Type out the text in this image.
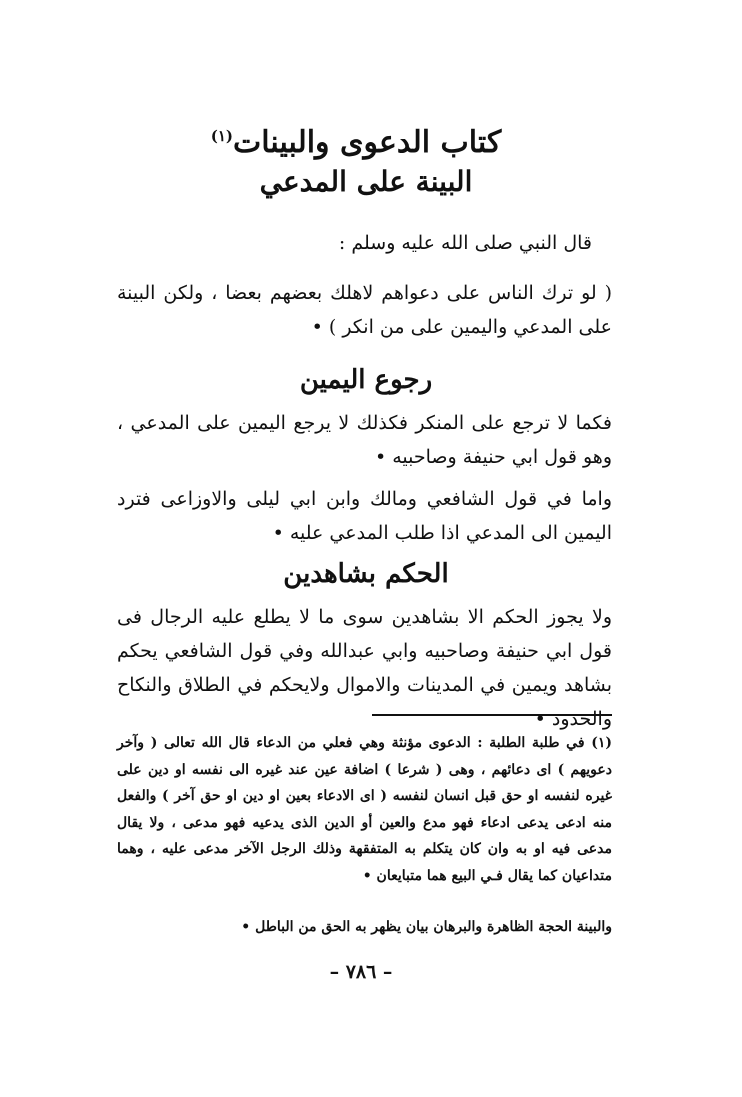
كتاب الدعوى والبينات$^{(١)}$
البينة على المدعي

قال النبي صلى الله عليه وسلم :

( لو ترك الناس على دعواهم لاهلك بعضهم بعضا ، ولكن البينة على المدعي واليمين على من انكر ) •

رجوع اليمين

فكما لا ترجع على المنكر فكذلك لا يرجع اليمين على المدعي ، وهو قول ابي حنيفة وصاحبيه •

واما في قول الشافعي ومالك وابن ابي ليلى والاوزاعى فترد اليمين الى المدعي اذا طلب المدعي عليه •

الحكم بشاهدين

ولا يجوز الحكم الا بشاهدين سوى ما لا يطلع عليه الرجال فى قول ابي حنيفة وصاحبيه وابي عبدالله وفي قول الشافعي يحكم بشاهد ويمين في المدينات والاموال ولايحكم في الطلاق والنكاح والحدود •

(١) في طلبة الطلبة : الدعوى مؤنثة وهي فعلي من الدعاء قال الله تعالى ( وآخر دعويهم ) اى دعائهم ، وهى ( شرعا ) اضافة عين عند غيره الى نفسه او دين على غيره لنفسه او حق قبل انسان لنفسه ( اى الادعاء بعين او دين او حق آخر ) والفعل منه ادعى يدعى ادعاء فهو مدع والعين أو الدين الذى يدعيه فهو مدعى ، ولا يقال مدعى فيه او به وان كان يتكلم به المتفقهة وذلك الرجل الآخر مدعى عليه ، وهما متداعيان كما يقال فـي البيع هما متبايعان •

والبينة الحجة الظاهرة والبرهان بيان يظهر به الحق من الباطل •

– ٧٨٦ –
